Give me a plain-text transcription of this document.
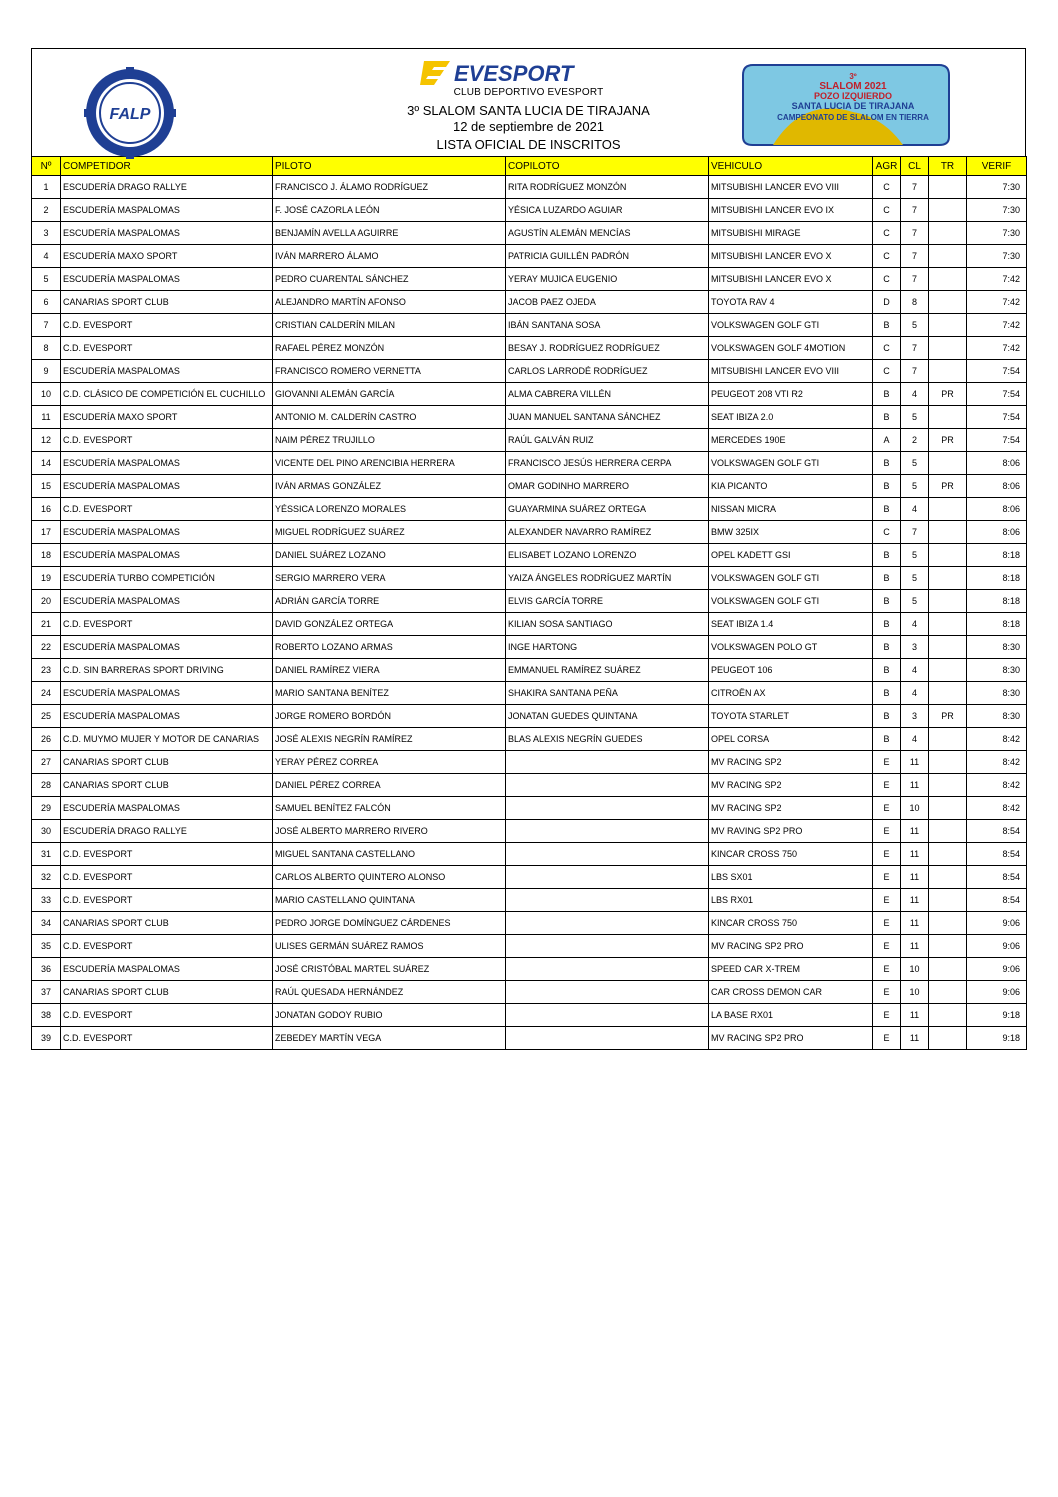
FALP
EVESPORT
CLUB DEPORTIVO EVESPORT
3º SLALOM SANTA LUCIA DE TIRAJANA
12 de septiembre de 2021
LISTA OFICIAL DE INSCRITOS
3º
SLALOM 2021
POZO IZQUIERDO
SANTA LUCIA DE TIRAJANA
CAMPEONATO DE SLALOM EN TIERRA
Nº	COMPETIDOR	PILOTO	COPILOTO	VEHICULO	AGR	CL	TR	VERIF
1	ESCUDERÍA DRAGO RALLYE	FRANCISCO J. ÁLAMO RODRÍGUEZ	RITA RODRÍGUEZ MONZÓN	MITSUBISHI LANCER EVO VIII	C	7		7:30
2	ESCUDERÍA MASPALOMAS	F. JOSÉ CAZORLA LEÓN	YÉSICA LUZARDO AGUIAR	MITSUBISHI LANCER EVO IX	C	7		7:30
3	ESCUDERÍA MASPALOMAS	BENJAMÍN AVELLA AGUIRRE	AGUSTÍN ALEMÁN MENCÍAS	MITSUBISHI MIRAGE	C	7		7:30
4	ESCUDERÍA MAXO SPORT	IVÁN MARRERO ÁLAMO	PATRICIA GUILLÉN PADRÓN	MITSUBISHI LANCER EVO X	C	7		7:30
5	ESCUDERÍA MASPALOMAS	PEDRO CUARENTAL SÁNCHEZ	YERAY MUJICA EUGENIO	MITSUBISHI LANCER EVO X	C	7		7:42
6	CANARIAS SPORT CLUB	ALEJANDRO MARTÍN AFONSO	JACOB PAEZ OJEDA	TOYOTA RAV 4	D	8		7:42
7	C.D. EVESPORT	CRISTIAN CALDERÍN MILAN	IBÁN SANTANA SOSA	VOLKSWAGEN GOLF GTI	B	5		7:42
8	C.D. EVESPORT	RAFAEL PÉREZ MONZÓN	BESAY J. RODRÍGUEZ RODRÍGUEZ	VOLKSWAGEN GOLF 4MOTION	C	7		7:42
9	ESCUDERÍA MASPALOMAS	FRANCISCO ROMERO VERNETTA	CARLOS LARRODÉ RODRÍGUEZ	MITSUBISHI LANCER EVO VIII	C	7		7:54
10	C.D. CLÁSICO DE COMPETICIÓN EL CUCHILLO	GIOVANNI ALEMÁN GARCÍA	ALMA CABRERA VILLÉN	PEUGEOT 208 VTI R2	B	4	PR	7:54
11	ESCUDERÍA MAXO SPORT	ANTONIO M. CALDERÍN CASTRO	JUAN MANUEL SANTANA SÁNCHEZ	SEAT IBIZA 2.0	B	5		7:54
12	C.D. EVESPORT	NAIM PÉREZ TRUJILLO	RAÚL GALVÁN RUIZ	MERCEDES 190E	A	2	PR	7:54
14	ESCUDERÍA MASPALOMAS	VICENTE DEL PINO ARENCIBIA HERRERA	FRANCISCO JESÚS HERRERA CERPA	VOLKSWAGEN GOLF GTI	B	5		8:06
15	ESCUDERÍA MASPALOMAS	IVÁN ARMAS GONZÁLEZ	OMAR GODINHO MARRERO	KIA PICANTO	B	5	PR	8:06
16	C.D. EVESPORT	YÉSSICA LORENZO MORALES	GUAYARMINA SUÁREZ ORTEGA	NISSAN MICRA	B	4		8:06
17	ESCUDERÍA MASPALOMAS	MIGUEL RODRÍGUEZ SUÁREZ	ALEXANDER NAVARRO RAMÍREZ	BMW 325IX	C	7		8:06
18	ESCUDERÍA MASPALOMAS	DANIEL SUÁREZ LOZANO	ELISABET LOZANO LORENZO	OPEL KADETT GSI	B	5		8:18
19	ESCUDERÍA TURBO COMPETICIÓN	SERGIO MARRERO VERA	YAIZA ÁNGELES RODRÍGUEZ MARTÍN	VOLKSWAGEN GOLF GTI	B	5		8:18
20	ESCUDERÍA MASPALOMAS	ADRIÁN GARCÍA TORRE	ELVIS GARCÍA TORRE	VOLKSWAGEN GOLF GTI	B	5		8:18
21	C.D. EVESPORT	DAVID GONZÁLEZ ORTEGA	KILIAN SOSA SANTIAGO	SEAT IBIZA 1.4	B	4		8:18
22	ESCUDERÍA MASPALOMAS	ROBERTO LOZANO ARMAS	INGE HARTONG	VOLKSWAGEN POLO GT	B	3		8:30
23	C.D. SIN BARRERAS SPORT DRIVING	DANIEL RAMÍREZ VIERA	EMMANUEL RAMÍREZ SUÁREZ	PEUGEOT 106	B	4		8:30
24	ESCUDERÍA MASPALOMAS	MARIO SANTANA BENÍTEZ	SHAKIRA SANTANA PEÑA	CITROËN AX	B	4		8:30
25	ESCUDERÍA MASPALOMAS	JORGE ROMERO BORDÓN	JONATAN GUEDES QUINTANA	TOYOTA STARLET	B	3	PR	8:30
26	C.D. MUYMO MUJER Y MOTOR DE CANARIAS	JOSÉ ALEXIS NEGRÍN RAMÍREZ	BLAS ALEXIS NEGRÍN GUEDES	OPEL CORSA	B	4		8:42
27	CANARIAS SPORT CLUB	YERAY PÉREZ CORREA		MV RACING SP2	E	11		8:42
28	CANARIAS SPORT CLUB	DANIEL PÉREZ CORREA		MV RACING SP2	E	11		8:42
29	ESCUDERÍA MASPALOMAS	SAMUEL BENÍTEZ FALCÓN		MV RACING SP2	E	10		8:42
30	ESCUDERÍA DRAGO RALLYE	JOSÉ ALBERTO MARRERO RIVERO		MV RAVING SP2 PRO	E	11		8:54
31	C.D. EVESPORT	MIGUEL SANTANA CASTELLANO		KINCAR CROSS 750	E	11		8:54
32	C.D. EVESPORT	CARLOS ALBERTO QUINTERO ALONSO		LBS SX01	E	11		8:54
33	C.D. EVESPORT	MARIO CASTELLANO QUINTANA		LBS RX01	E	11		8:54
34	CANARIAS SPORT CLUB	PEDRO JORGE DOMÍNGUEZ CÁRDENES		KINCAR CROSS 750	E	11		9:06
35	C.D. EVESPORT	ULISES GERMÁN SUÁREZ RAMOS		MV RACING SP2 PRO	E	11		9:06
36	ESCUDERÍA MASPALOMAS	JOSÉ CRISTÓBAL MARTEL SUÁREZ		SPEED CAR X-TREM	E	10		9:06
37	CANARIAS SPORT CLUB	RAÚL QUESADA HERNÁNDEZ		CAR CROSS DEMON CAR	E	10		9:06
38	C.D. EVESPORT	JONATAN GODOY RUBIO		LA BASE RX01	E	11		9:18
39	C.D. EVESPORT	ZEBEDEY MARTÍN VEGA		MV RACING SP2 PRO	E	11		9:18
